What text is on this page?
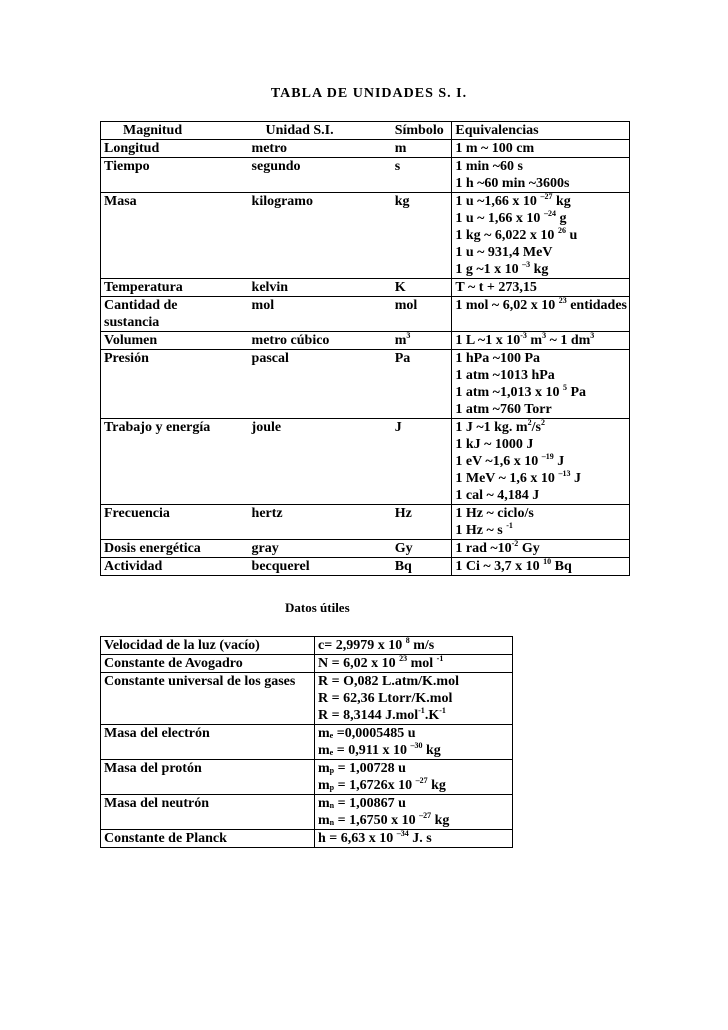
TABLA DE UNIDADES S. I.
Magnitud	Unidad S.I.	Símbolo	Equivalencias
Longitud	metro	m	1 m ~ 100 cm

Tiempo	segundo	s	1 min ~60 s
1 h ~60 min ~3600s

Masa	kilogramo	kg	1 u ~1,66 x 10 $^{-27}$ kg
1 u ~ 1,66 x 10 $^{-24}$ g
1 kg ~ 6,022 x 10 $^{26}$ u
1 u ~ 931,4 MeV
1 g ~1 x 10 $^{-3}$ kg

Temperatura	kelvin	K	T ~ t + 273,15

Cantidad de
sustancia	mol	mol	1 mol ~ 6,02 x 10 $^{23}$ entidades

Volumen	metro cúbico	$m^3$	1 L ~1 x $10^{-3}$ $m^3$ ~ 1 $dm^3$

Presión	pascal	Pa	1 hPa ~100 Pa
1 atm ~1013 hPa
1 atm ~1,013 x 10 $^5$ Pa
1 atm ~760 Torr

Trabajo y energía	joule	J	1 J ~1 kg. $m^2/s^2$
1 kJ ~ 1000 J
1 eV ~1,6 x 10 $^{-19}$ J
1 MeV ~ 1,6 x 10 $^{-13}$ J
1 cal ~ 4,184 J

Frecuencia	hertz	Hz	1 Hz ~ ciclo/s
1 Hz ~ s $^{-1}$

Dosis energética	gray	Gy	1 rad $\sim 10^{-2}$ Gy

Actividad	becquerel	Bq	1 Ci ~ 3,7 x 10 $^{10}$ Bq
Datos útiles
Velocidad de la luz (vacío)	c= 2,9979 x 10 $^8$ m/s

Constante de Avogadro	N = 6,02 x 10 $^{23}$ mol $^{-1}$

Constante universal de los gases	R = O,082 L.atm/K.mol
R = 62,36 Ltorr/K.mol
R = 8,3144 $J.mol^{-1}.K^{-1}$

Masa del electrón	$m_e =0,0005485$ u
$m_e = 0,911$ x 10 $^{-30}$ kg

Masa del protón	$m_p = 1,00728$ u
$m_p = 1,6726x$ 10 $^{-27}$ kg

Masa del neutrón	$m_n = 1,00867$ u
$m_n = 1,6750$ x 10 $^{-27}$ kg

Constante de Planck	h = 6,63 x 10 $^{-34}$ J. s
